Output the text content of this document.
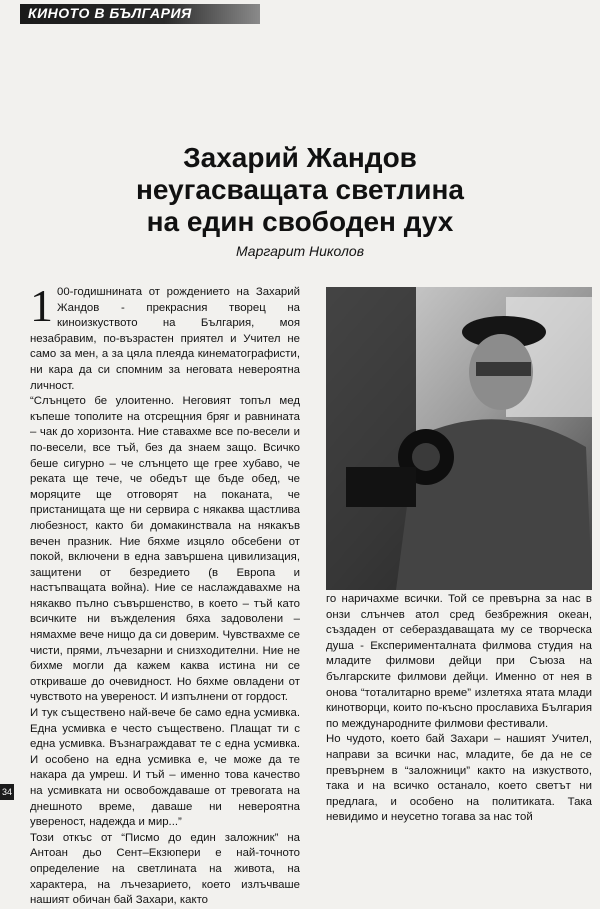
КИНОТО В БЪЛГАРИЯ
Захарий Жандов
неугасващата светлина
на един свободен дух
Маргарит Николов

1 00-годишнината от рождението на Захарий Жандов - прекрасния творец на киноизкуството на България, моя незабравим, по-възрастен приятел и Учител не само за мен, а за цяла плеяда кинематографисти, ни кара да си спомним за неговата невероятна личност.

“Слънцето бе улоитенно. Неговият топъл мед къпеше тополите на отсрещния бряг и равнината – чак до хоризонта. Ние ставахме все по-весели и по-весели, все тъй, без да знаем защо. Всичко беше сигурно – че слънцето ще грее хубаво, че реката ще тече, че обедът ще бъде обед, че моряците ще отговорят на поканата, че пристанищата ще ни сервира с някаква щастлива любезност, както би домакинствала на някакъв вечен празник. Ние бяхме изцяло обсебени от покой, включени в една завършена цивилизация, защитени от безредието (в Европа и настъпващата война). Ние се наслаждавахме на някакво пълно съвършенство, в което – тъй като всичките ни въжделения бяха задоволени – нямахме вече нищо да си доверим. Чувствахме се чисти, прями, лъчезарни и снизходителни. Ние не бихме могли да кажем каква истина ни се откриваше до очевидност. Но бяхме овладени от чувството на увереност. И изпълнени от гордост.

И тук съществено най-вече бе само една усмивка. Една усмивка е често съществено. Плащат ти с една усмивка. Възнаграждават те с една усмивка. И особено на една усмивка е, че може да те накара да умреш. И тъй – именно това качество на усмивката ни освобождаваше от тревогата на днешното време, даваше ни невероятна увереност, надежда и мир...”

Този откъс от “Писмо до един заложник” на Антоан дьо Сент–Екзюпери е най-точното определение на светлината на живота, на характера, на лъчезарието, което излъчваше нашият обичан бай Захари, както

го наричахме всички. Той се превърна за нас в онзи слънчев атол сред безбрежния океан, създаден от себераздаващата му се творческа душа - Експерименталната филмова студия на младите филмови дейци при Съюза на българските филмови дейци. Именно от нея в онова “тоталитарно време” излетяха ятата млади кинотворци, които по-късно прославиха България по международните филмови фестивали.

Но чудото, което бай Захари – нашият Учител, направи за всички нас, младите, бе да не се превърнем в “заложници” както на изкуството, така и на всичко останало, което светът ни предлага, и особено на политиката. Така невидимо и неусетно тогава за нас той

34
